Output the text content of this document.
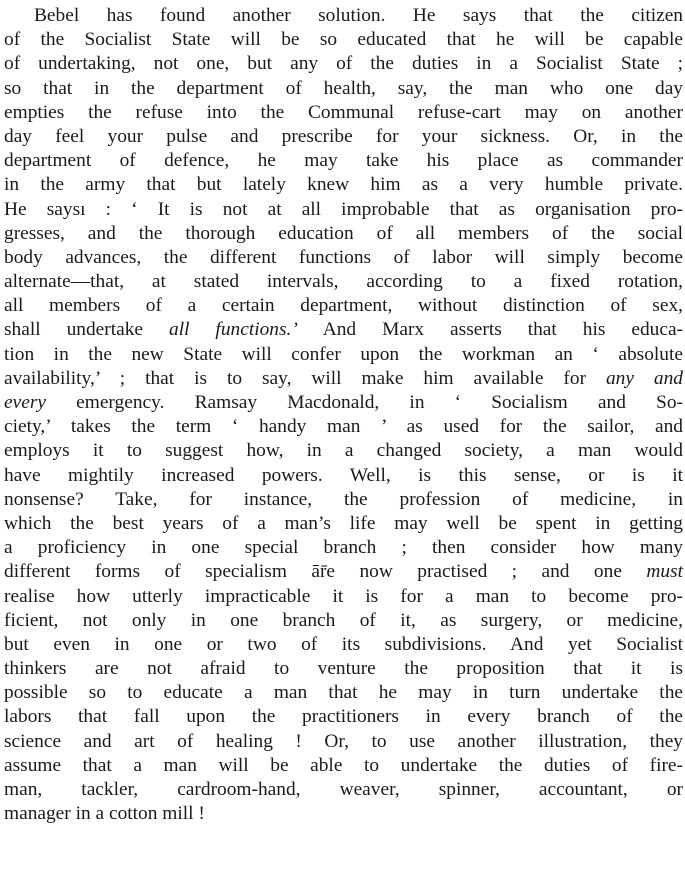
Bebel has found another solution. He says that the citizen
of the Socialist State will be so educated that he will be capable
of undertaking, not one, but any of the duties in a Socialist State ;
so that in the department of health, say, the man who one day
empties the refuse into the Communal refuse-cart may on another
day feel your pulse and prescribe for your sickness. Or, in the
department of defence, he may take his place as commander
in the army that but lately knew him as a very humble private.
He saysı : ‘ It is not at all improbable that as organisation pro-
gresses, and the thorough education of all members of the social
body advances, the different functions of labor will simply become
alternate—that, at stated intervals, according to a fixed rotation,
all members of a certain department, without distinction of sex,
shall undertake all functions.’ And Marx asserts that his educa-
tion in the new State will confer upon the workman an ‘ absolute
availability,’ ; that is to say, will make him available for any and
every emergency. Ramsay Macdonald, in ‘ Socialism and So-
ciety,’ takes the term ‘ handy man ’ as used for the sailor, and
employs it to suggest how, in a changed society, a man would
have mightily increased powers. Well, is this sense, or is it
nonsense? Take, for instance, the profession of medicine, in
which the best years of a man’s life may well be spent in getting
a proficiency in one special branch ; then consider how many
different forms of specialism ār̄e now practised ; and one must
realise how utterly impracticable it is for a man to become pro-
ficient, not only in one branch of it, as surgery, or medicine,
but even in one or two of its subdivisions. And yet Socialist
thinkers are not afraid to venture the proposition that it is
possible so to educate a man that he may in turn undertake the
labors that fall upon the practitioners in every branch of the
science and art of healing ! Or, to use another illustration, they
assume that a man will be able to undertake the duties of fire-
man, tackler, cardroom-hand, weaver, spinner, accountant, or
manager in a cotton mill !
